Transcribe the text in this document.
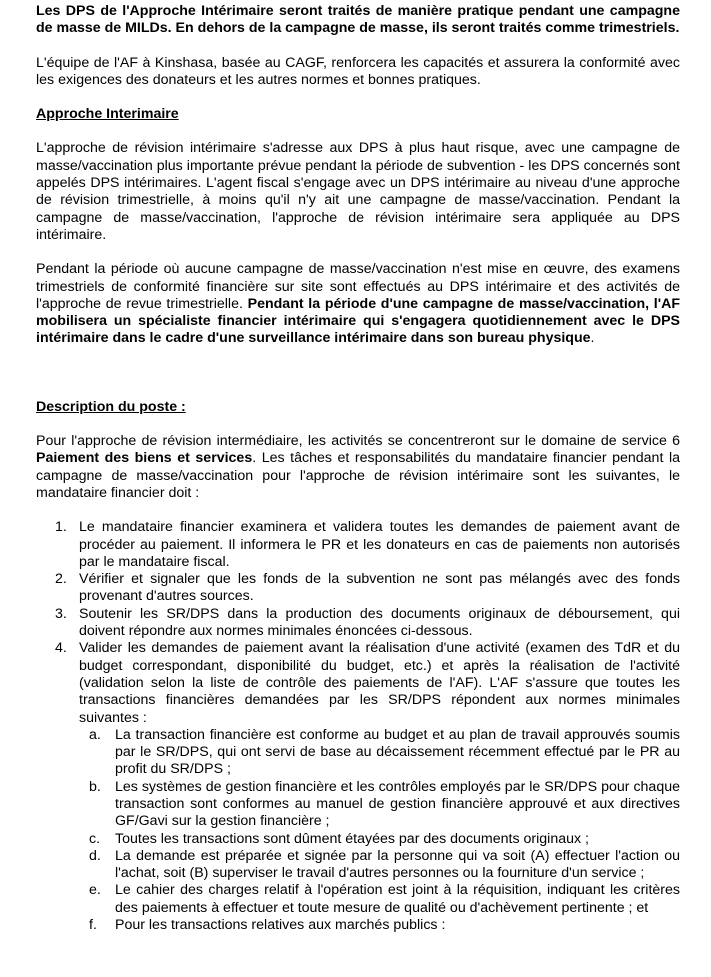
Les DPS de l'Approche Intérimaire seront traités de manière pratique pendant une campagne de masse de MILDs. En dehors de la campagne de masse, ils seront traités comme trimestriels.

L'équipe de l'AF à Kinshasa, basée au CAGF, renforcera les capacités et assurera la conformité avec les exigences des donateurs et les autres normes et bonnes pratiques.

Approche Interimaire

L'approche de révision intérimaire s'adresse aux DPS à plus haut risque, avec une campagne de masse/vaccination plus importante prévue pendant la période de subvention - les DPS concernés sont appelés DPS intérimaires. L'agent fiscal s'engage avec un DPS intérimaire au niveau d'une approche de révision trimestrielle, à moins qu'il n'y ait une campagne de masse/vaccination. Pendant la campagne de masse/vaccination, l'approche de révision intérimaire sera appliquée au DPS intérimaire.

Pendant la période où aucune campagne de masse/vaccination n'est mise en œuvre, des examens trimestriels de conformité financière sur site sont effectués au DPS intérimaire et des activités de l'approche de revue trimestrielle. Pendant la période d'une campagne de masse/vaccination, l'AF mobilisera un spécialiste financier intérimaire qui s'engagera quotidiennement avec le DPS intérimaire dans le cadre d'une surveillance intérimaire dans son bureau physique.

Description du poste :

Pour l'approche de révision intermédiaire, les activités se concentreront sur le domaine de service 6 Paiement des biens et services. Les tâches et responsabilités du mandataire financier pendant la campagne de masse/vaccination pour l'approche de révision intérimaire sont les suivantes, le mandataire financier doit :

1. Le mandataire financier examinera et validera toutes les demandes de paiement avant de procéder au paiement. Il informera le PR et les donateurs en cas de paiements non autorisés par le mandataire fiscal.
2. Vérifier et signaler que les fonds de la subvention ne sont pas mélangés avec des fonds provenant d'autres sources.
3. Soutenir les SR/DPS dans la production des documents originaux de déboursement, qui doivent répondre aux normes minimales énoncées ci-dessous.
4. Valider les demandes de paiement avant la réalisation d'une activité (examen des TdR et du budget correspondant, disponibilité du budget, etc.) et après la réalisation de l'activité (validation selon la liste de contrôle des paiements de l'AF). L'AF s'assure que toutes les transactions financières demandées par les SR/DPS répondent aux normes minimales suivantes :
a. La transaction financière est conforme au budget et au plan de travail approuvés soumis par le SR/DPS, qui ont servi de base au décaissement récemment effectué par le PR au profit du SR/DPS ;
b. Les systèmes de gestion financière et les contrôles employés par le SR/DPS pour chaque transaction sont conformes au manuel de gestion financière approuvé et aux directives GF/Gavi sur la gestion financière ;
c. Toutes les transactions sont dûment étayées par des documents originaux ;
d. La demande est préparée et signée par la personne qui va soit (A) effectuer l'action ou l'achat, soit (B) superviser le travail d'autres personnes ou la fourniture d'un service ;
e. Le cahier des charges relatif à l'opération est joint à la réquisition, indiquant les critères des paiements à effectuer et toute mesure de qualité ou d'achèvement pertinente ; et
f. Pour les transactions relatives aux marchés publics :
